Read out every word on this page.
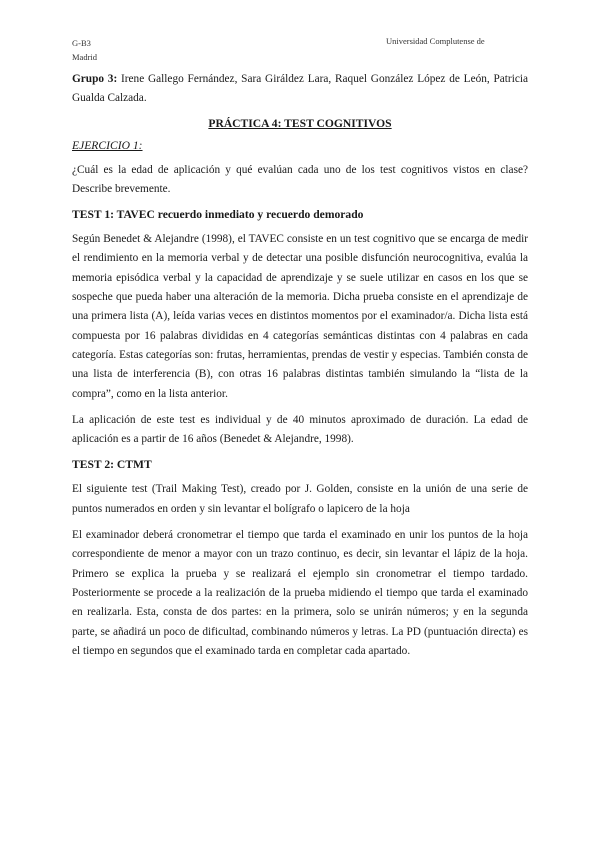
G-B3
Madrid
Universidad Complutense de

Grupo 3: Irene Gallego Fernández, Sara Giráldez Lara, Raquel González López de León, Patricia Gualda Calzada.

PRÁCTICA 4: TEST COGNITIVOS
EJERCICIO 1:

¿Cuál es la edad de aplicación y qué evalúan cada uno de los test cognitivos vistos en clase? Describe brevemente.

TEST 1: TAVEC recuerdo inmediato y recuerdo demorado

Según Benedet & Alejandre (1998), el TAVEC consiste en un test cognitivo que se encarga de medir el rendimiento en la memoria verbal y de detectar una posible disfunción neurocognitiva, evalúa la memoria episódica verbal y la capacidad de aprendizaje y se suele utilizar en casos en los que se sospeche que pueda haber una alteración de la memoria. Dicha prueba consiste en el aprendizaje de una primera lista (A), leída varias veces en distintos momentos por el examinador/a. Dicha lista está compuesta por 16 palabras divididas en 4 categorías semánticas distintas con 4 palabras en cada categoría. Estas categorías son: frutas, herramientas, prendas de vestir y especias. También consta de una lista de interferencia (B), con otras 16 palabras distintas también simulando la “lista de la compra”, como en la lista anterior.

La aplicación de este test es individual y de 40 minutos aproximado de duración. La edad de aplicación es a partir de 16 años (Benedet & Alejandre, 1998).

TEST 2: CTMT

El siguiente test (Trail Making Test), creado por J. Golden, consiste en la unión de una serie de puntos numerados en orden y sin levantar el bolígrafo o lapicero de la hoja

El examinador deberá cronometrar el tiempo que tarda el examinado en unir los puntos de la hoja correspondiente de menor a mayor con un trazo continuo, es decir, sin levantar el lápiz de la hoja. Primero se explica la prueba y se realizará el ejemplo sin cronometrar el tiempo tardado. Posteriormente se procede a la realización de la prueba midiendo el tiempo que tarda el examinado en realizarla. Esta, consta de dos partes: en la primera, solo se unirán números; y en la segunda parte, se añadirá un poco de dificultad, combinando números y letras. La PD (puntuación directa) es el tiempo en segundos que el examinado tarda en completar cada apartado.
